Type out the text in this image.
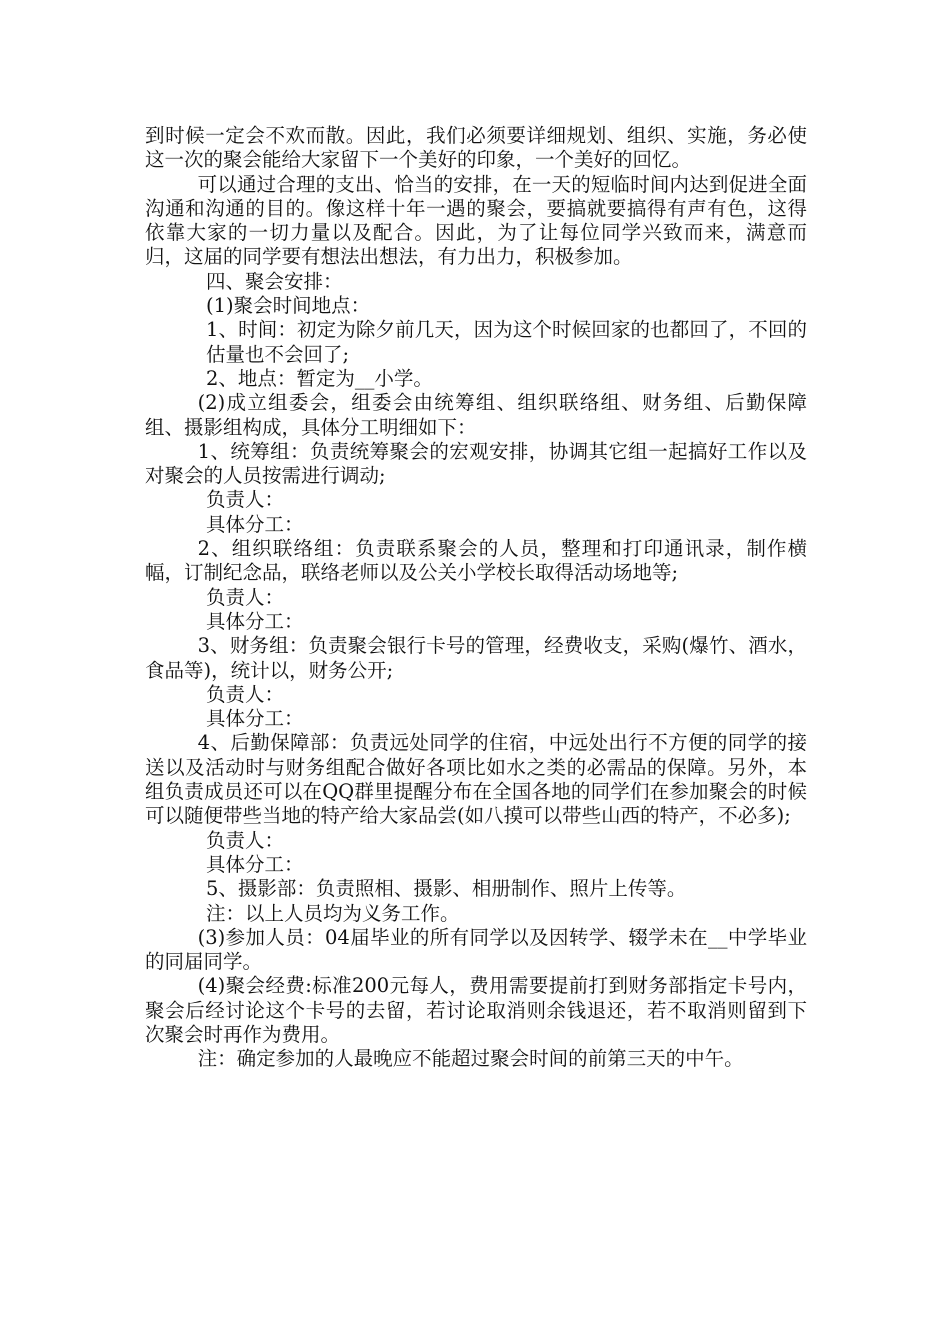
到时候一定会不欢而散。因此，我们必须要详细规划、组织、实施，务必使这一次的聚会能给大家留下一个美好的印象，一个美好的回忆。

可以通过合理的支出、恰当的安排，在一天的短临时间内达到促进全面沟通和沟通的目的。像这样十年一遇的聚会，要搞就要搞得有声有色，这得依靠大家的一切力量以及配合。因此，为了让每位同学兴致而来，满意而归，这届的同学要有想法出想法，有力出力，积极参加。

四、聚会安排：

(1)聚会时间地点：

1、时间：初定为除夕前几天，因为这个时候回家的也都回了，不回的估量也不会回了;

2、地点：暂定为__小学。

(2)成立组委会，组委会由统筹组、组织联络组、财务组、后勤保障组、摄影组构成，具体分工明细如下：

1、统筹组：负责统筹聚会的宏观安排，协调其它组一起搞好工作以及对聚会的人员按需进行调动;

负责人：

具体分工：

2、组织联络组：负责联系聚会的人员，整理和打印通讯录，制作横幅，订制纪念品，联络老师以及公关小学校长取得活动场地等;

负责人：

具体分工：

3、财务组：负责聚会银行卡号的管理，经费收支，采购(爆竹、酒水，食品等)，统计以，财务公开;

负责人：

具体分工：

4、后勤保障部：负责远处同学的住宿，中远处出行不方便的同学的接送以及活动时与财务组配合做好各项比如水之类的必需品的保障。另外，本组负责成员还可以在QQ群里提醒分布在全国各地的同学们在参加聚会的时候可以随便带些当地的特产给大家品尝(如八摸可以带些山西的特产，不必多);

负责人：

具体分工：

5、摄影部：负责照相、摄影、相册制作、照片上传等。

注：以上人员均为义务工作。

(3)参加人员：04届毕业的所有同学以及因转学、辍学未在__中学毕业的同届同学。

(4)聚会经费:标准200元每人，费用需要提前打到财务部指定卡号内，聚会后经讨论这个卡号的去留，若讨论取消则余钱退还，若不取消则留到下次聚会时再作为费用。

注：确定参加的人最晚应不能超过聚会时间的前第三天的中午。
